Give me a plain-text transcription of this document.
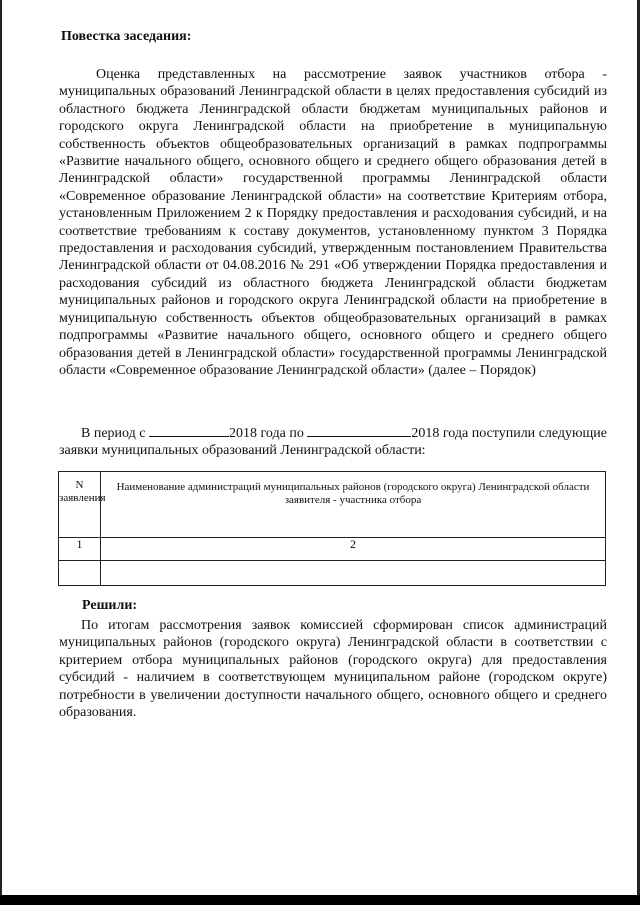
Повестка заседания:
Оценка представленных на рассмотрение заявок участников отбора - муниципальных образований Ленинградской области в целях предоставления субсидий из областного бюджета Ленинградской области бюджетам муниципальных районов и городского округа Ленинградской области на приобретение в муниципальную собственность объектов общеобразовательных организаций в рамках подпрограммы «Развитие начального общего, основного общего и среднего общего образования детей в Ленинградской области» государственной программы Ленинградской области «Современное образование Ленинградской области» на соответствие Критериям отбора, установленным Приложением 2 к Порядку предоставления и расходования субсидий, и на соответствие требованиям к составу документов, установленному пунктом 3 Порядка предоставления и расходования субсидий, утвержденным постановлением Правительства Ленинградской области от 04.08.2016 № 291 «Об утверждении Порядка предоставления и расходования субсидий из областного бюджета Ленинградской области бюджетам муниципальных районов и городского округа Ленинградской области на приобретение в муниципальную собственность объектов общеобразовательных организаций в рамках подпрограммы «Развитие начального общего, основного общего и среднего общего образования детей в Ленинградской области» государственной программы Ленинградской области «Современное образование Ленинградской области» (далее – Порядок)
В период с	2018 года по	2018 года поступили следующие заявки муниципальных образований Ленинградской области:
N заявления	Наименование администраций муниципальных районов (городского округа) Ленинградской области заявителя - участника отбора
1	2

Решили:
По итогам рассмотрения заявок комиссией сформирован список администраций муниципальных районов (городского округа) Ленинградской области в соответствии с критерием отбора муниципальных районов (городского округа) для предоставления субсидий - наличием в соответствующем муниципальном районе (городском округе) потребности в увеличении доступности начального общего, основного общего и среднего образования.
